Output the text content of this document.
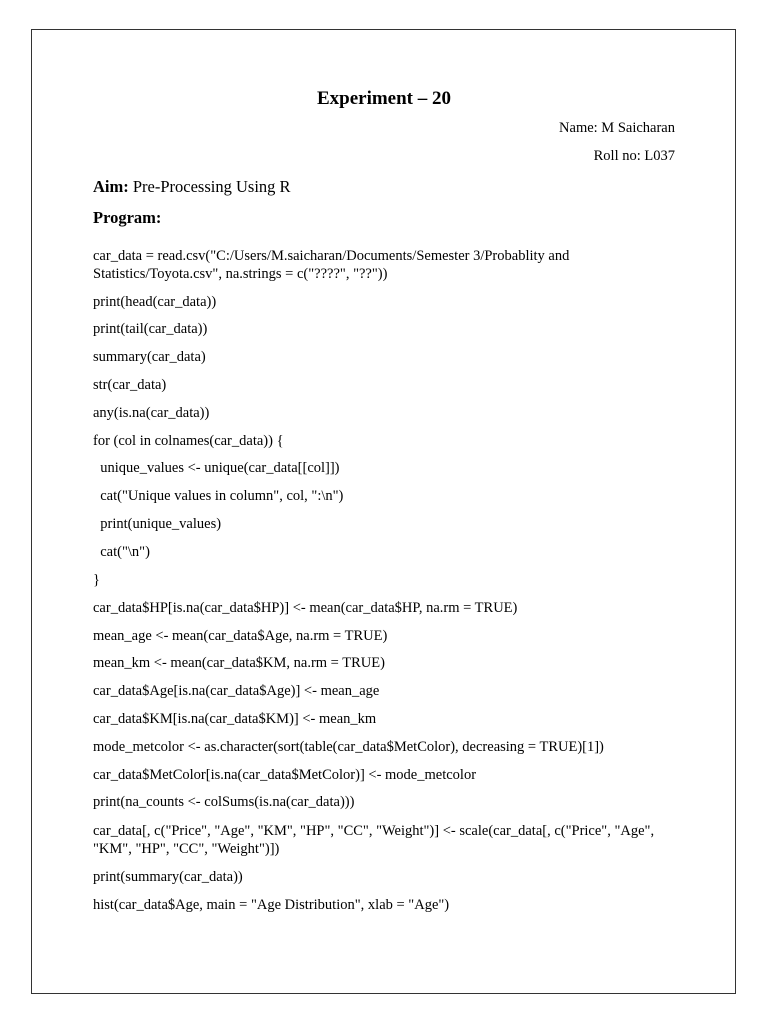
Experiment – 20
Name: M Saicharan
Roll no: L037
Aim: Pre-Processing Using R
Program:
car_data = read.csv("C:/Users/M.saicharan/Documents/Semester 3/Probablity and Statistics/Toyota.csv", na.strings = c("????", "??"))
print(head(car_data))
print(tail(car_data))
summary(car_data)
str(car_data)
any(is.na(car_data))
for (col in colnames(car_data)) {
unique_values <- unique(car_data[[col]])
cat("Unique values in column", col, ":\n")
print(unique_values)
cat("\n")
}
car_data$HP[is.na(car_data$HP)] <- mean(car_data$HP, na.rm = TRUE)
mean_age <- mean(car_data$Age, na.rm = TRUE)
mean_km <- mean(car_data$KM, na.rm = TRUE)
car_data$Age[is.na(car_data$Age)] <- mean_age
car_data$KM[is.na(car_data$KM)] <- mean_km
mode_metcolor <- as.character(sort(table(car_data$MetColor), decreasing = TRUE)[1])
car_data$MetColor[is.na(car_data$MetColor)] <- mode_metcolor
print(na_counts <- colSums(is.na(car_data)))
car_data[, c("Price", "Age", "KM", "HP", "CC", "Weight")] <- scale(car_data[, c("Price", "Age", "KM", "HP", "CC", "Weight")])
print(summary(car_data))
hist(car_data$Age, main = "Age Distribution", xlab = "Age")
